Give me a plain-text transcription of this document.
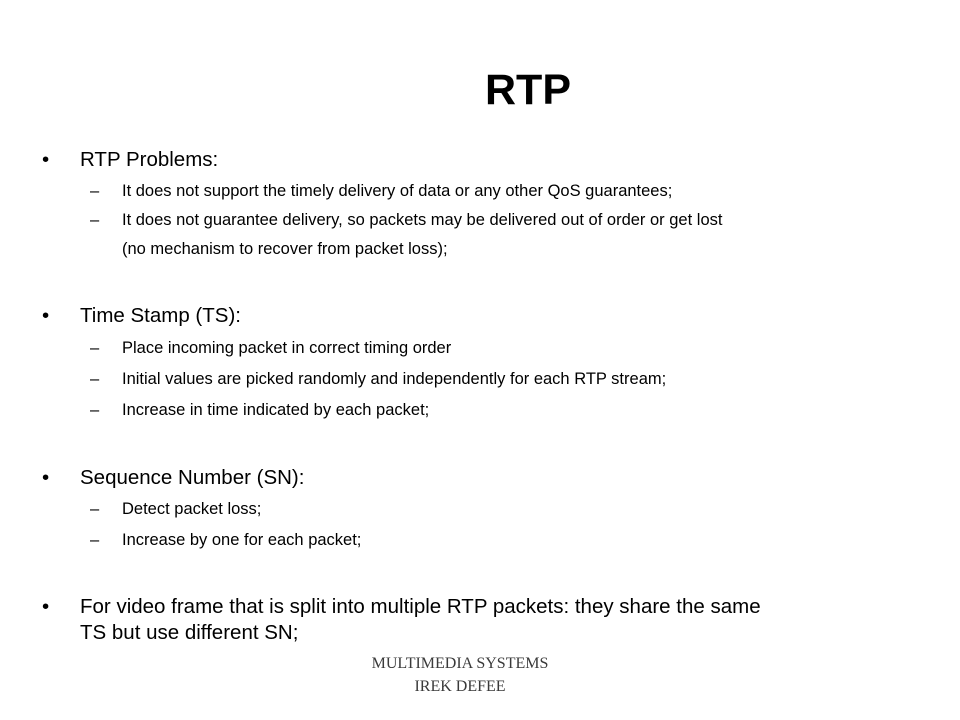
RTP
• RTP Problems:
– It does not support the timely delivery of data or any other QoS guarantees;
– It does not guarantee delivery, so packets may be delivered out of order or get lost
(no mechanism to recover from packet loss);
• Time Stamp (TS):
– Place incoming packet in correct timing order
– Initial values are picked randomly and independently for each RTP stream;
– Increase in time indicated by each packet;
• Sequence Number (SN):
– Detect packet loss;
– Increase by one for each packet;
• For video frame that is split into multiple RTP packets: they share the same
TS but use different SN;
MULTIMEDIA SYSTEMS
IREK DEFEE
